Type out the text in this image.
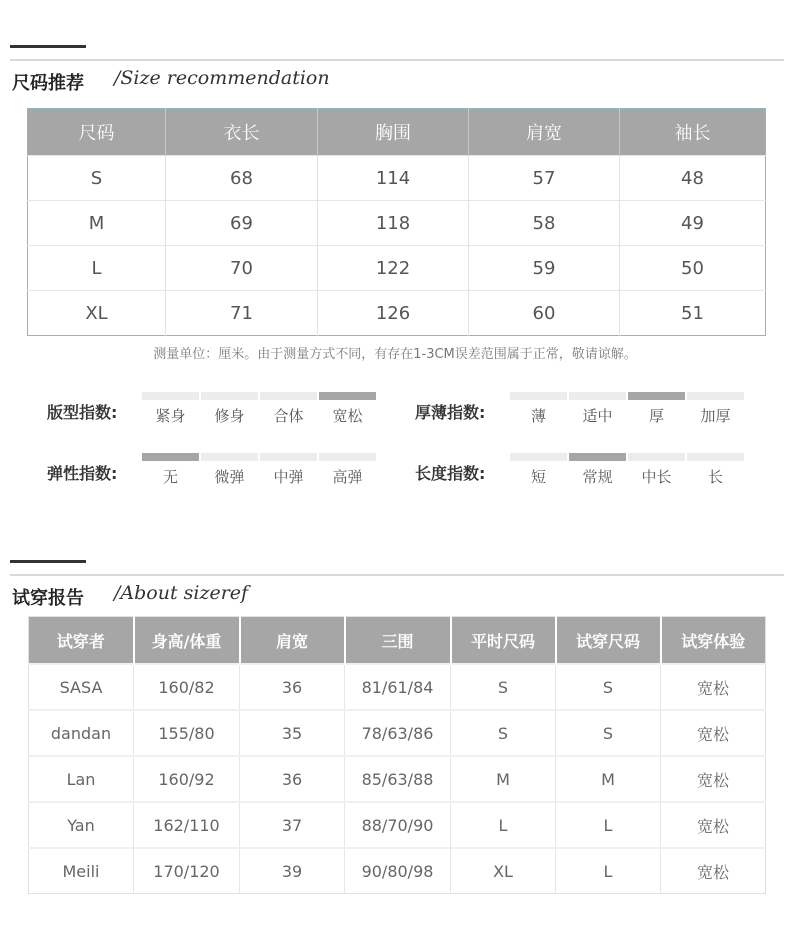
尺码推荐 /Size recommendation
尺码	衣长	胸围	肩宽	袖长
S	68	114	57	48
M	69	118	58	49
L	70	122	59	50
XL	71	126	60	51
测量单位：厘米。由于测量方式不同，有存在1-3CM误差范围属于正常，敬请谅解。
版型指数:	紧身	修身	合体	宽松	厚薄指数:	薄	适中	厚	加厚
弹性指数:	无	微弹	中弹	高弹	长度指数:	短	常规	中长	长
试穿报告 /About sizeref
试穿者	身高/体重	肩宽	三围	平时尺码	试穿尺码	试穿体验
SASA	160/82	36	81/61/84	S	S	宽松
dandan	155/80	35	78/63/86	S	S	宽松
Lan	160/92	36	85/63/88	M	M	宽松
Yan	162/110	37	88/70/90	L	L	宽松
Meili	170/120	39	90/80/98	XL	L	宽松
